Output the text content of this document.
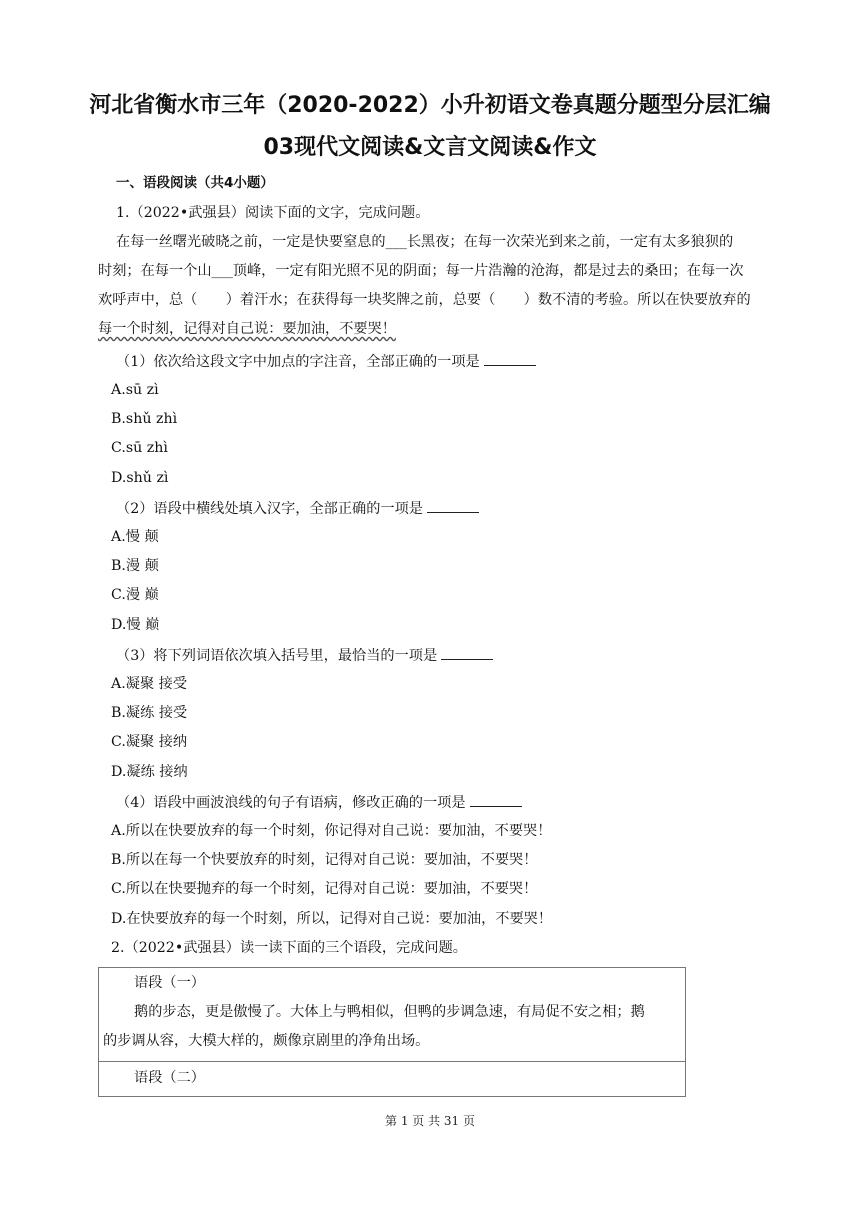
河北省衡水市三年（2020-2022）小升初语文卷真题分题型分层汇编
03现代文阅读&文言文阅读&作文
一、语段阅读（共4小题）
1.（2022•武强县）阅读下面的文字，完成问题。
在每一丝曙光破晓之前，一定是快要窒息的___长黑夜；在每一次荣光到来之前，一定有太多狼狈的
时刻；在每一个山___顶峰，一定有阳光照不见的阴面；每一片浩瀚的沧海，都是过去的桑田；在每一次
欢呼声中，总（　　）着汗水；在获得每一块奖牌之前，总要（　　）数不清的考验。所以在快要放弃的
每一个时刻，记得对自己说：要加油，不要哭！
（1）依次给这段文字中加点的字注音，全部正确的一项是
A.sū zì
B.shǔ zhì
C.sū zhì
D.shǔ zì
（2）语段中横线处填入汉字，全部正确的一项是
A.慢 颠
B.漫 颠
C.漫 巅
D.慢 巅
（3）将下列词语依次填入括号里，最恰当的一项是
A.凝聚 接受
B.凝练 接受
C.凝聚 接纳
D.凝练 接纳
（4）语段中画波浪线的句子有语病，修改正确的一项是
A.所以在快要放弃的每一个时刻，你记得对自己说：要加油，不要哭！
B.所以在每一个快要放弃的时刻，记得对自己说：要加油，不要哭！
C.所以在快要抛弃的每一个时刻，记得对自己说：要加油，不要哭！
D.在快要放弃的每一个时刻，所以，记得对自己说：要加油，不要哭！
2.（2022•武强县）读一读下面的三个语段，完成问题。
语段（一）
鹅的步态，更是傲慢了。大体上与鸭相似，但鸭的步调急速，有局促不安之相；鹅
的步调从容，大模大样的，颇像京剧里的净角出场。
语段（二）
第 1 页 共 31 页
